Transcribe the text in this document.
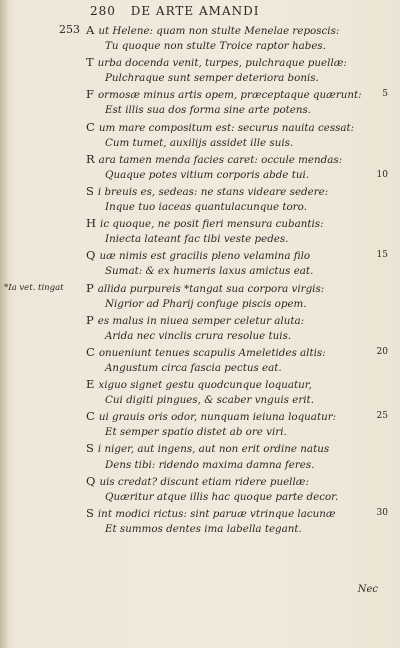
280 DE ARTE AMANDI
253 A ut Helene: quam non stulte Menelae reposcis:
Tu quoque non stulte Troice raptor habes.
T urba docenda venit, turpes, pulchraque puellæ:
Pulchraque sunt semper deteriora bonis.
F ormosæ minus artis opem, præceptaque quærunt: 5
Est illis sua dos forma sine arte potens.
C um mare compositum est: securus nauita cessat:
Cum tumet, auxilijs assidet ille suis.
R ara tamen menda facies caret: occule mendas:
Quaque potes vitium corporis abde tui.	10
S i breuis es, sedeas: ne stans videare sedere:
Inque tuo iaceas quantulacunque toro.
H ic quoque, ne posit fieri mensura cubantis:
Iniecta lateant fac tibi veste pedes.
Q uæ nimis est gracilis pleno velamina filo	15
Sumat: & ex humeris laxus amictus eat.
*Ia vet. tingat P allida purpureis *tangat sua corpora virgis:
Nigrior ad Pharij confuge piscis opem.
P es malus in niuea semper celetur aluta:
Arida nec vinclis crura resolue tuis.
C onueniunt tenues scapulis Ameletides altis:	20
Angustum circa fascia pectus eat.
E xiguo signet gestu quodcunque loquatur,
Cui digiti pingues, & scaber vnguis erit.
C ui grauis oris odor, nunquam ieiuna loquatur:	25
Et semper spatio distet ab ore viri.
S i niger, aut ingens, aut non erit ordine natus
Dens tibi: ridendo maxima damna feres.
Q uis credat? discunt etiam ridere puellæ:
Quæritur atque illis hac quoque parte decor.
S int modici rictus: sint paruæ vtrinque lacunæ	30
Et summos dentes ima labella tegant.
Nec
